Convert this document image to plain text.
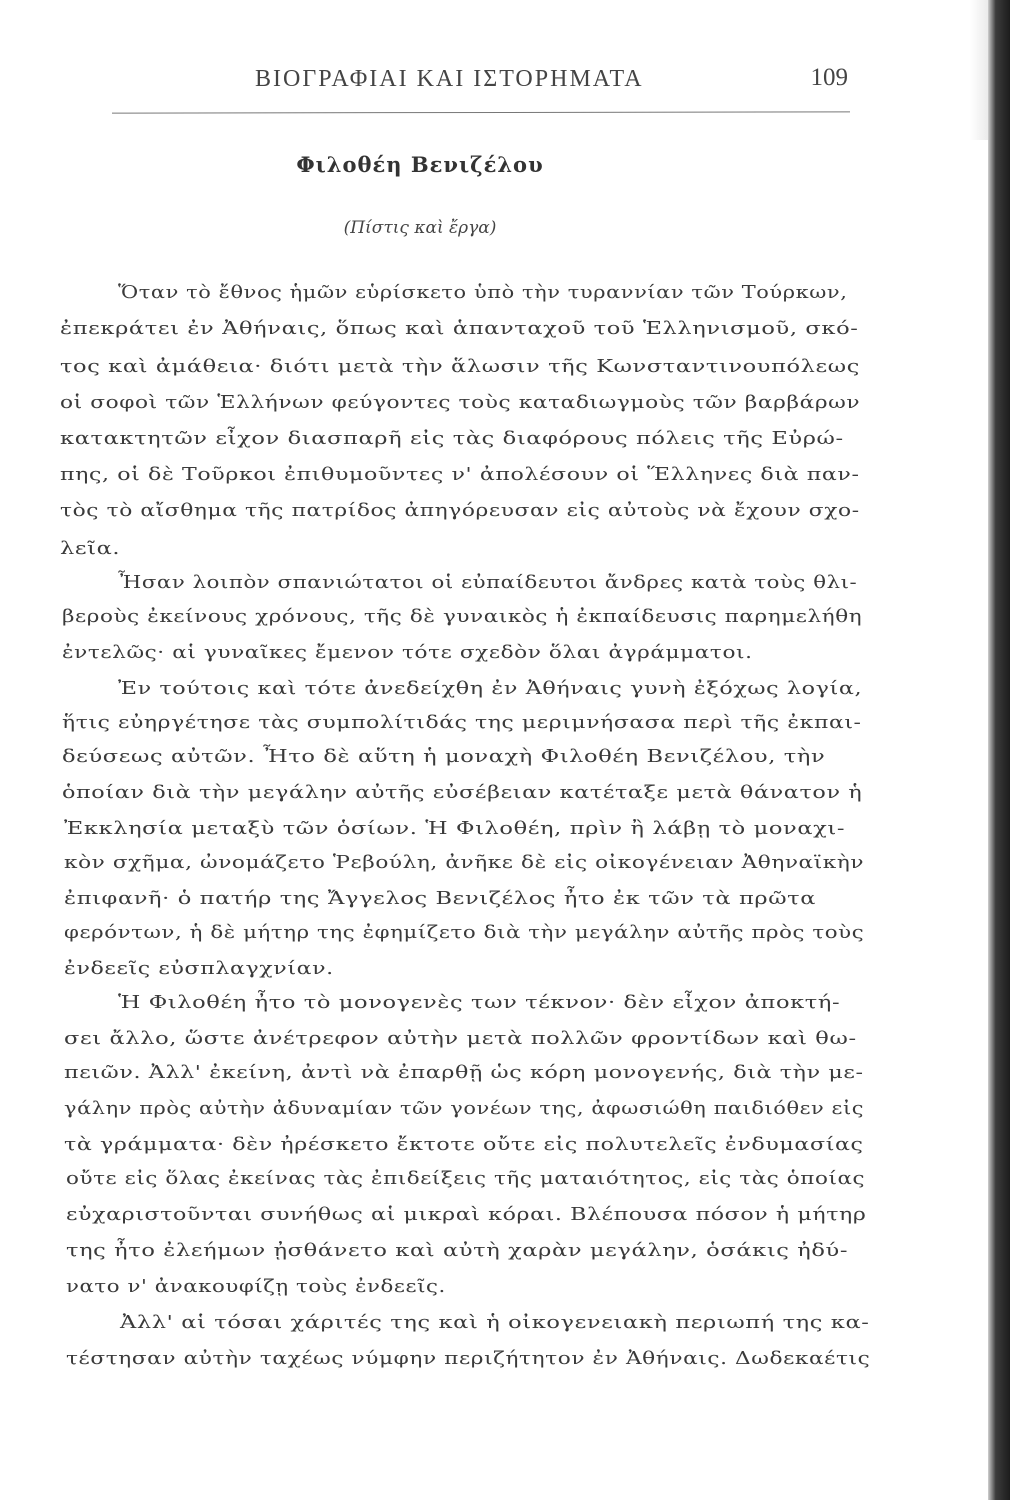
ΒΙΟΓΡΑΦΙΑΙ ΚΑΙ ΙΣΤΟΡΗΜΑΤΑ	109
Φιλοθέη Βενιζέλου
(Πίστις καὶ ἔργα)
Ὅταν τὸ ἔθνος ἡμῶν εὑρίσκετο ὑπὸ τὴν τυραννίαν τῶν Τούρκων,
ἐπεκράτει ἐν Ἀθήναις, ὅπως καὶ ἁπανταχοῦ τοῦ Ἑλληνισμοῦ, σκό-
τος καὶ ἀμάθεια· διότι μετὰ τὴν ἅλωσιν τῆς Κωνσταντινουπόλεως
οἱ σοφοὶ τῶν Ἑλλήνων φεύγοντες τοὺς καταδιωγμοὺς τῶν βαρβάρων
κατακτητῶν εἶχον διασπαρῆ εἰς τὰς διαφόρους πόλεις τῆς Εὐρώ-
πης, οἱ δὲ Τοῦρκοι ἐπιθυμοῦντες ν' ἀπολέσουν οἱ Ἕλληνες διὰ παν-
τὸς τὸ αἴσθημα τῆς πατρίδος ἀπηγόρευσαν εἰς αὐτοὺς νὰ ἔχουν σχο-
λεῖα.
Ἦσαν λοιπὸν σπανιώτατοι οἱ εὐπαίδευτοι ἄνδρες κατὰ τοὺς θλι-
βεροὺς ἐκείνους χρόνους, τῆς δὲ γυναικὸς ἡ ἐκπαίδευσις παρημελήθη
ἐντελῶς· αἱ γυναῖκες ἔμενον τότε σχεδὸν ὅλαι ἀγράμματοι.
Ἐν τούτοις καὶ τότε ἀνεδείχθη ἐν Ἀθήναις γυνὴ ἐξόχως λογία,
ἥτις εὐηργέτησε τὰς συμπολίτιδάς της μεριμνήσασα περὶ τῆς ἐκπαι-
δεύσεως αὐτῶν. Ἦτο δὲ αὕτη ἡ μοναχὴ Φιλοθέη Βενιζέλου, τὴν
ὁποίαν διὰ τὴν μεγάλην αὐτῆς εὐσέβειαν κατέταξε μετὰ θάνατον ἡ
Ἐκκλησία μεταξὺ τῶν ὁσίων. Ἡ Φιλοθέη, πρὶν ἢ λάβῃ τὸ μοναχι-
κὸν σχῆμα, ὠνομάζετο Ῥεβούλη, ἀνῆκε δὲ εἰς οἰκογένειαν Ἀθηναϊκὴν
ἐπιφανῆ· ὁ πατήρ της Ἄγγελος Βενιζέλος ἦτο ἐκ τῶν τὰ πρῶτα
φερόντων, ἡ δὲ μήτηρ της ἐφημίζετο διὰ τὴν μεγάλην αὐτῆς πρὸς τοὺς
ἐνδεεῖς εὐσπλαγχνίαν.
Ἡ Φιλοθέη ἦτο τὸ μονογενὲς των τέκνον· δὲν εἶχον ἀποκτή-
σει ἄλλο, ὥστε ἀνέτρεφον αὐτὴν μετὰ πολλῶν φροντίδων καὶ θω-
πειῶν. Ἀλλ' ἐκείνη, ἀντὶ νὰ ἐπαρθῇ ὡς κόρη μονογενής, διὰ τὴν με-
γάλην πρὸς αὐτὴν ἀδυναμίαν τῶν γονέων της, ἀφωσιώθη παιδιόθεν εἰς
τὰ γράμματα· δὲν ἠρέσκετο ἔκτοτε οὔτε εἰς πολυτελεῖς ἐνδυμασίας
οὔτε εἰς ὅλας ἐκείνας τὰς ἐπιδείξεις τῆς ματαιότητος, εἰς τὰς ὁποίας
εὐχαριστοῦνται συνήθως αἱ μικραὶ κόραι. Βλέπουσα πόσον ἡ μήτηρ
της ἦτο ἐλεήμων ᾐσθάνετο καὶ αὐτὴ χαρὰν μεγάλην, ὁσάκις ἠδύ-
νατο ν' ἀνακουφίζῃ τοὺς ἐνδεεῖς.
Ἀλλ' αἱ τόσαι χάριτές της καὶ ἡ οἰκογενειακὴ περιωπή της κα-
τέστησαν αὐτὴν ταχέως νύμφην περιζήτητον ἐν Ἀθήναις. Δωδεκαέτις
